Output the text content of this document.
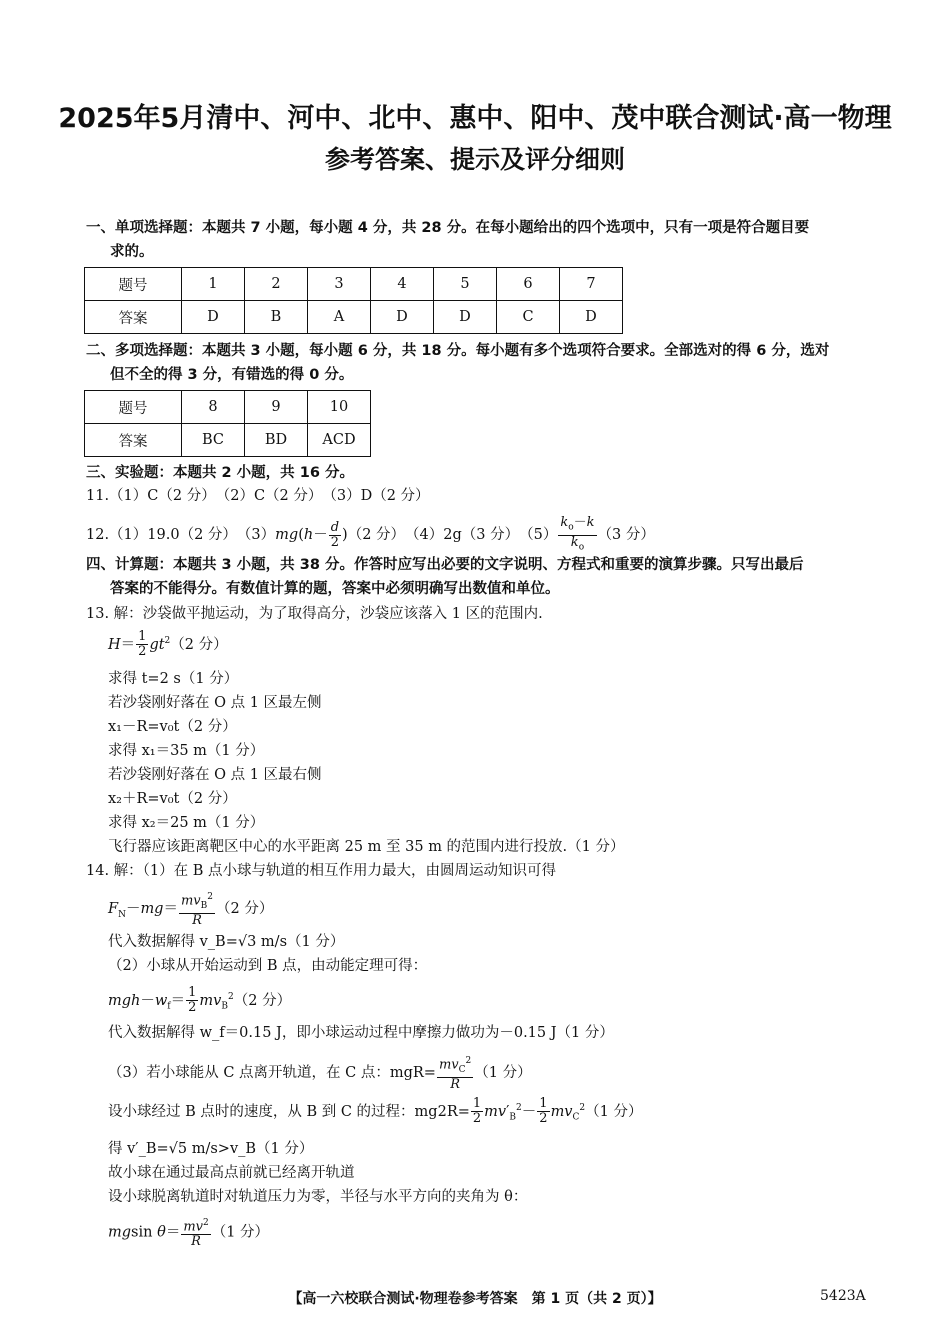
2025年5月清中、河中、北中、惠中、阳中、茂中联合测试·高一物理
参考答案、提示及评分细则
一、单项选择题：本题共 7 小题，每小题 4 分，共 28 分。在每小题给出的四个选项中，只有一项是符合题目要
求的。
题号	1	2	3	4	5	6	7
答案	D	B	A	D	D	C	D
二、多项选择题：本题共 3 小题，每小题 6 分，共 18 分。每小题有多个选项符合要求。全部选对的得 6 分，选对
但不全的得 3 分，有错选的得 0 分。
题号	8	9	10
答案	BC	BD	ACD
三、实验题：本题共 2 小题，共 16 分。
11.（1）C（2 分）　（2）C（2 分）　（3）D（2 分）
12.（1）19.0（2 分）　$(3)mg(h- \frac{d}{2} )(2$ 分）　（4）2g（3 分）　$(5) \frac{k_o-k}{k_o} (3$ 分）
四、计算题：本题共 3 小题，共 38 分。作答时应写出必要的文字说明、方程式和重要的演算步骤。只写出最后
答案的不能得分。有数值计算的题，答案中必须明确写出数值和单位。
13. 解：沙袋做平抛运动，为了取得高分，沙袋应该落入 1 区的范围内.
$H= \frac{1}{2} gt^2(2$ 分）
求得 t=2 s（1 分）
若沙袋刚好落在 O 点 1 区最左侧
x₁－R=v₀t（2 分）
求得 x₁＝35 m（1 分）
若沙袋刚好落在 O 点 1 区最右侧
x₂＋R=v₀t（2 分）
求得 x₂＝25 m（1 分）
飞行器应该距离靶区中心的水平距离 25 m 至 35 m 的范围内进行投放.（1 分）
14. 解：（1）在 B 点小球与轨道的相互作用力最大，由圆周运动知识可得
$F_N-mg= \frac{mv_B^2}{R} (2$ 分）
代入数据解得 v_B=√3 m/s（1 分）
（2）小球从开始运动到 B 点，由动能定理可得：
$mgh-w_f= \frac{1}{2} mv_B^2(2$ 分）
代入数据解得 w_f＝0.15 J，即小球运动过程中摩擦力做功为－0.15 J（1 分）
（3）若小球能从 C 点离开轨道，在 C 点：$mgR= \frac{mv_C^2}{R} (1$ 分）
设小球经过 B 点时的速度，从 B 到 C 的过程：$mg2R= \frac{1}{2} mv'_B^2- \frac{1}{2} mv_C^2(1$ 分）
得 v′_B=√5 m/s>v_B（1 分）
故小球在通过最高点前就已经离开轨道
设小球脱离轨道时对轨道压力为零，半径与水平方向的夹角为 θ：
mgsin $\theta= \frac{mv^2}{R} (1$ 分）
【高一六校联合测试·物理卷参考答案　第 1 页（共 2 页）】	5423A
